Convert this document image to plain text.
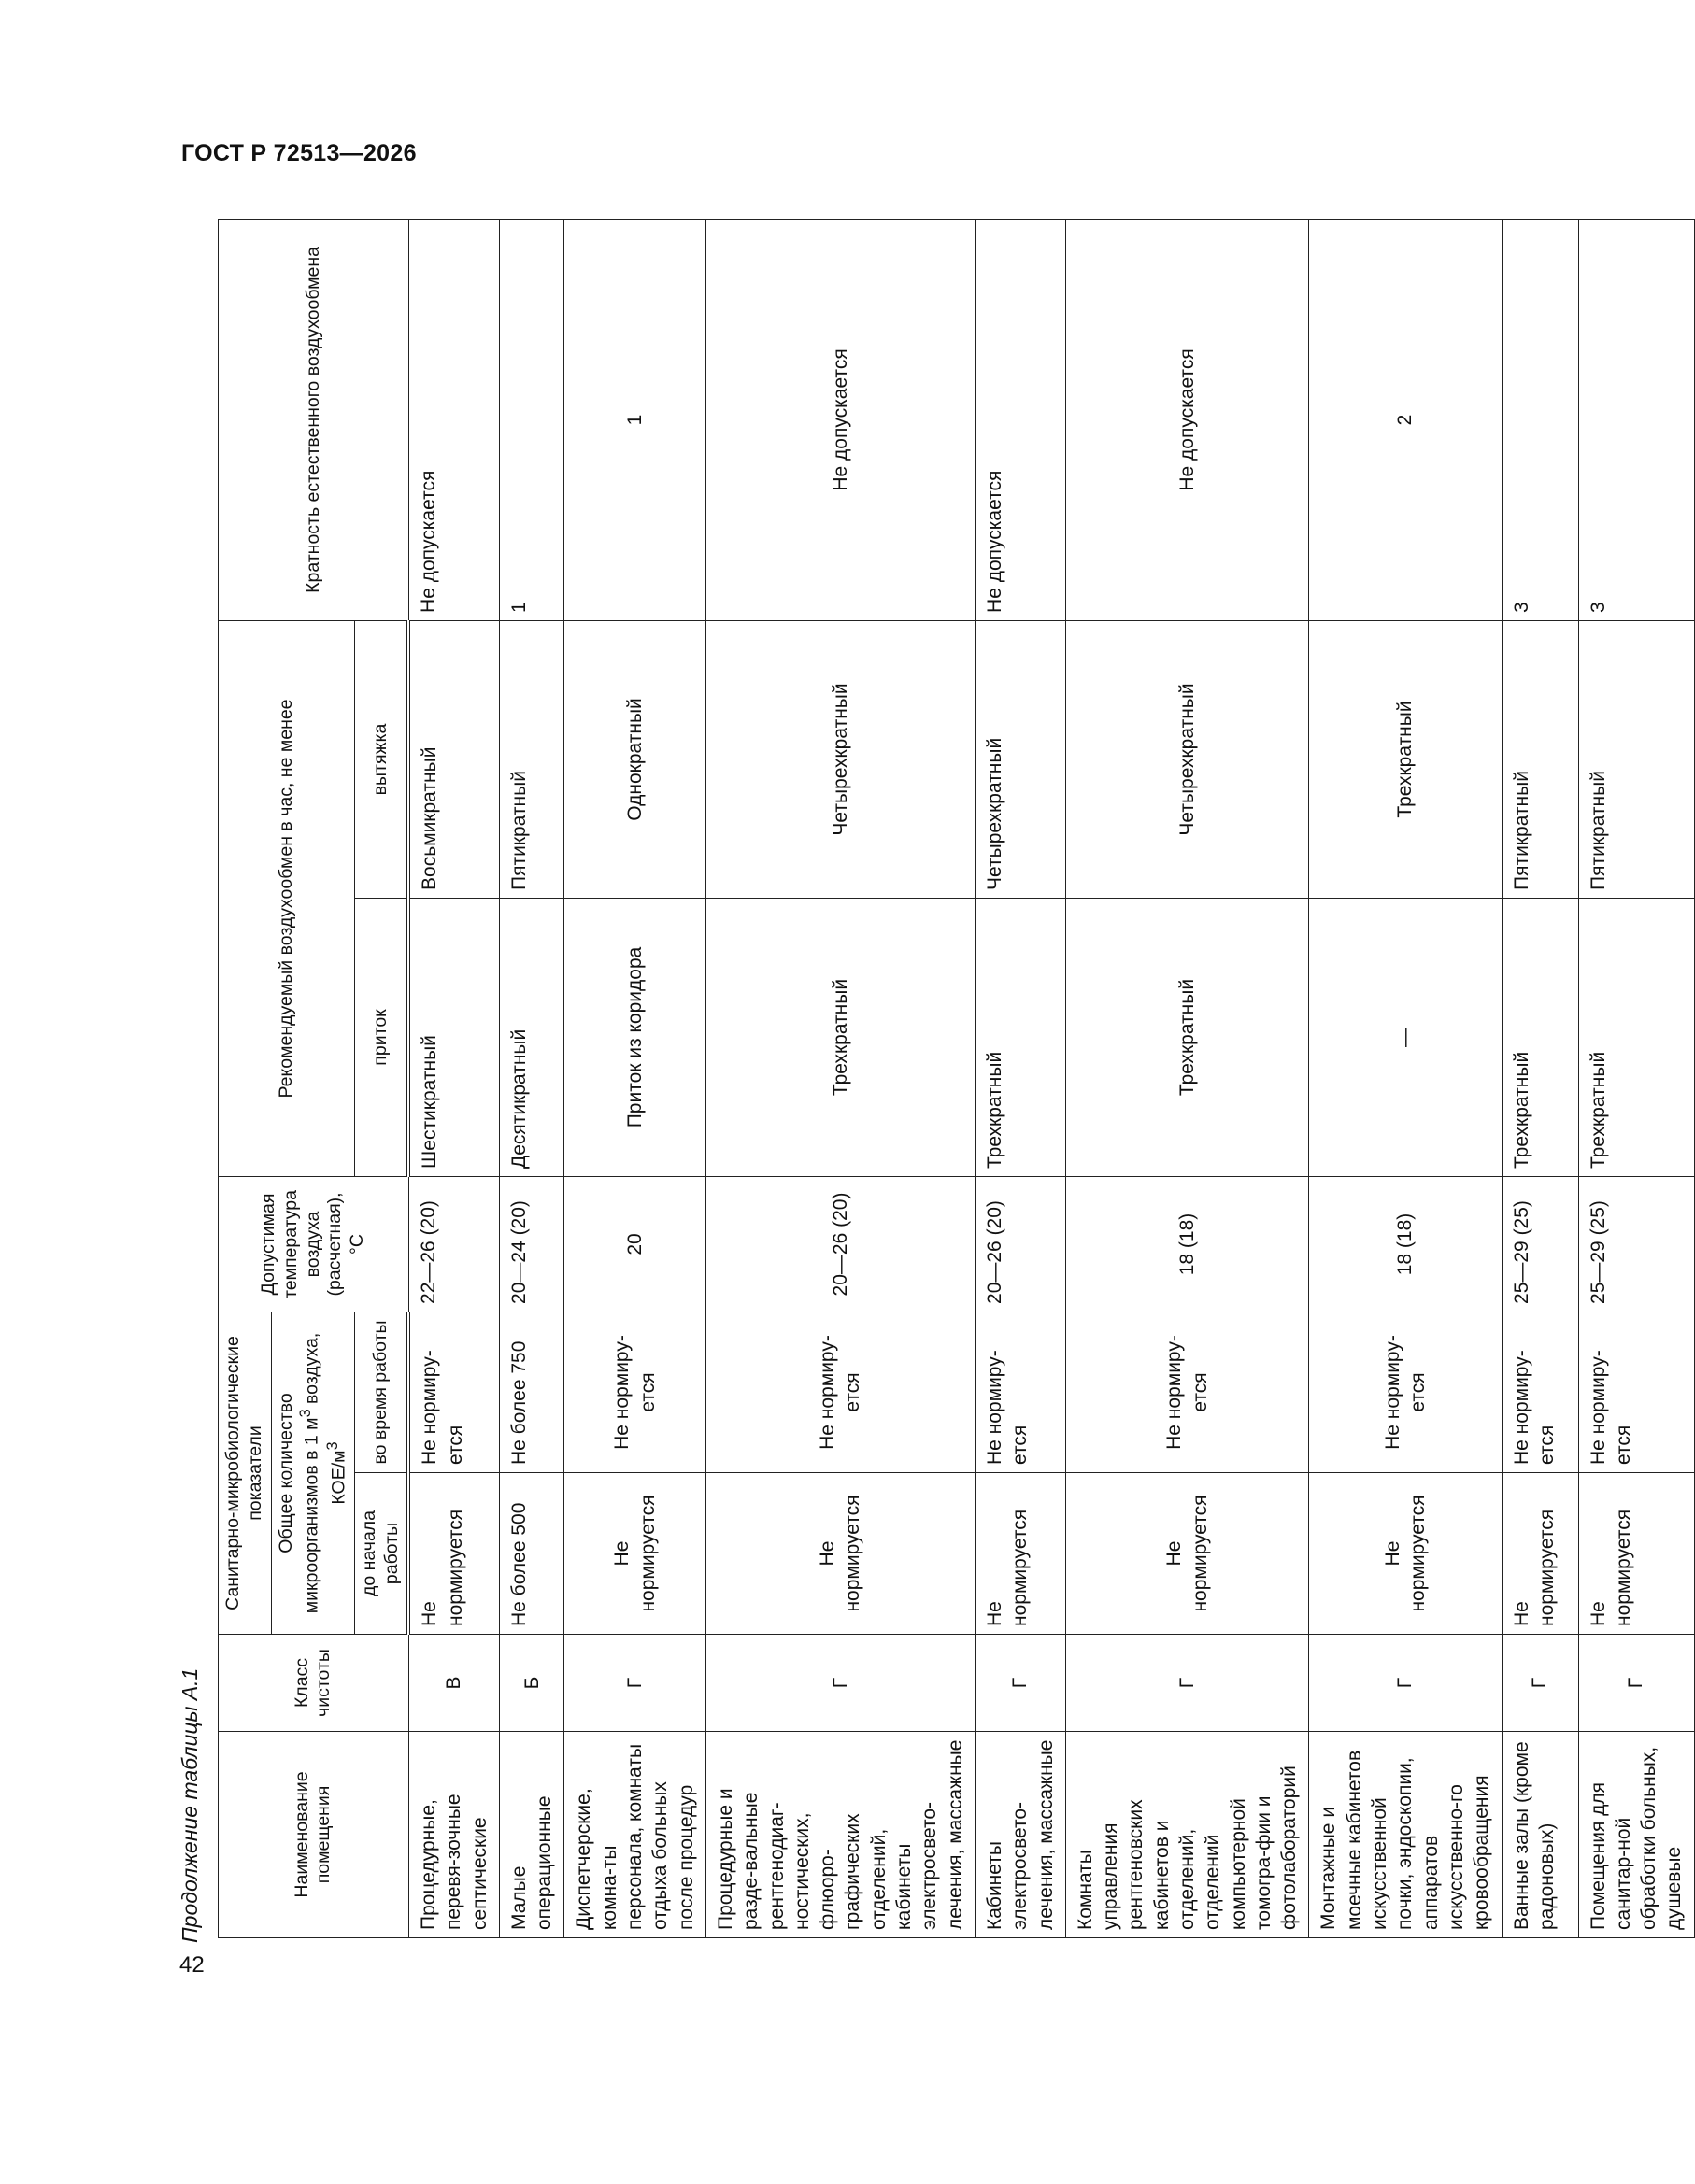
ГОСТ Р 72513—2026
42
Продолжение таблицы А.1	Наименование помещения	Класс чистоты	Санитарно-микробиологические показатели		Допустимая температура воздуха (расчетная), °С	Рекомендуемый воздухообмен в час, не менее		Кратность естественного воздухообмена
		Общее количество микроорганизмов в 1 $м^3$ воздуха, КОЕ/$м^3$
		до начала работы	во время работы		приток	вытяжка	
Процедурные, перевя-зочные септические	В	Не нормируется	Не нормиру-ется	22—26 (20)	Шестикратный	Восьмикратный	Не допускается
Малые операционные	Б	Не более 500	Не более 750	20—24 (20)	Десятикратный	Пятикратный	1
Диспетчерские, комна-ты персонала, комнаты отдыха больных после процедур	Г	Не нормируется	Не нормиру-ется	20	Приток из коридора	Однократный	1
Процедурные и разде-вальные рентгенодиаг-ностических, флюоро-графических отделений, кабинеты электросвето-лечения, массажные	Г	Не нормируется	Не нормиру-ется	20—26 (20)	Трехкратный	Четырехкратный	Не допускается
Кабинеты электросвето-лечения, массажные	Г	Не нормируется	Не нормиру-ется	20—26 (20)	Трехкратный	Четырехкратный	Не допускается
Комнаты управления рентгеновских кабинетов и отделений, отделений компьютерной томогра-фии и фотолабораторий	Г	Не нормируется	Не нормиру-ется	18 (18)	Трехкратный	Четырехкратный	Не допускается
Монтажные и моечные кабинетов искусственной почки, эндоскопии, аппаратов искусственно-го кровообращения	Г	Не нормируется	Не нормиру-ется	18 (18)	—	Трехкратный	2
Ванные залы (кроме радоновых)	Г	Не нормируется	Не нормиру-ется	25—29 (25)	Трехкратный	Пятикратный	3
Помещения для санитар-ной обработки больных, душевые	Г	Не нормируется	Не нормиру-ется	25—29 (25)	Трехкратный	Пятикратный	3
